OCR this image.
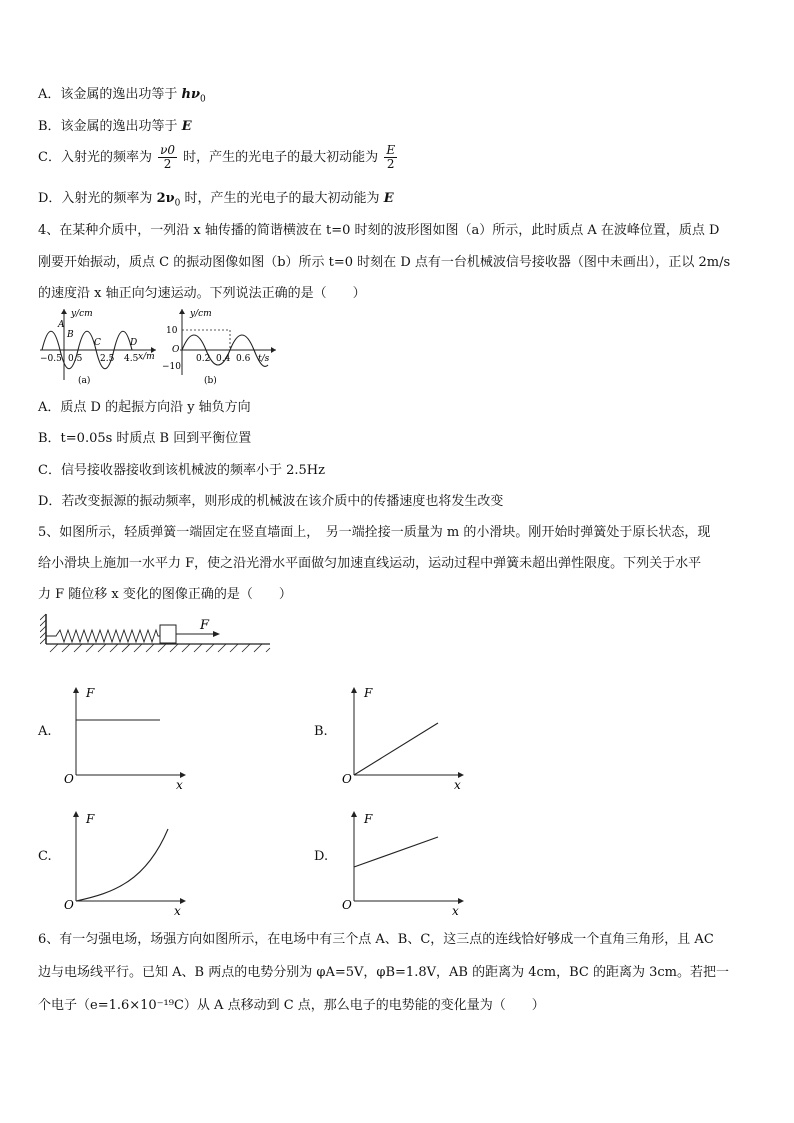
A．该金属的逸出功等于 $h\nu_0$
B．该金属的逸出功等于 E
C．入射光的频率为 $\frac{\nu 0}{2}$ 时，产生的光电子的最大初动能为 $\frac{E}{2}$
D．入射光的频率为 $2\nu_0$ 时，产生的光电子的最大初动能为 E
4、在某种介质中，一列沿 x 轴传播的简谐横波在 t=0 时刻的波形图如图（a）所示，此时质点 A 在波峰位置，质点 D
刚要开始振动，质点 C 的振动图像如图（b）所示 t=0 时刻在 D 点有一台机械波信号接收器（图中未画出），正以 2m/s
的速度沿 x 轴正向匀速运动。下列说法正确的是（　　）
y/cm
x/m
−0.5 0.5 2.5 4.5
A
B
C	D
(a)
y/cm
10
−10
O
0.2 0.4 0.6 t/s
(b)
A．质点 D 的起振方向沿 y 轴负方向
B．t=0.05s 时质点 B 回到平衡位置
C．信号接收器接收到该机械波的频率小于 2.5Hz
D．若改变振源的振动频率，则形成的机械波在该介质中的传播速度也将发生改变
5、如图所示，轻质弹簧一端固定在竖直墙面上，　另一端拴接一质量为 m 的小滑块。刚开始时弹簧处于原长状态，现
给小滑块上施加一水平力 F，使之沿光滑水平面做匀加速直线运动，运动过程中弹簧未超出弹性限度。下列关于水平
力 F 随位移 x 变化的图像正确的是（　　）
F
A.
F
x
O
B.
F
x
O
C.
F
x
O
D.
F
x
O
6、有一匀强电场，场强方向如图所示，在电场中有三个点 A、B、C，这三点的连线恰好够成一个直角三角形，且 AC
边与电场线平行。已知 A、B 两点的电势分别为 φA=5V，φB=1.8V，AB 的距离为 4cm，BC 的距离为 3cm。若把一
个电子（e=1.6×10⁻¹⁹C）从 A 点移动到 C 点，那么电子的电势能的变化量为（　　）
